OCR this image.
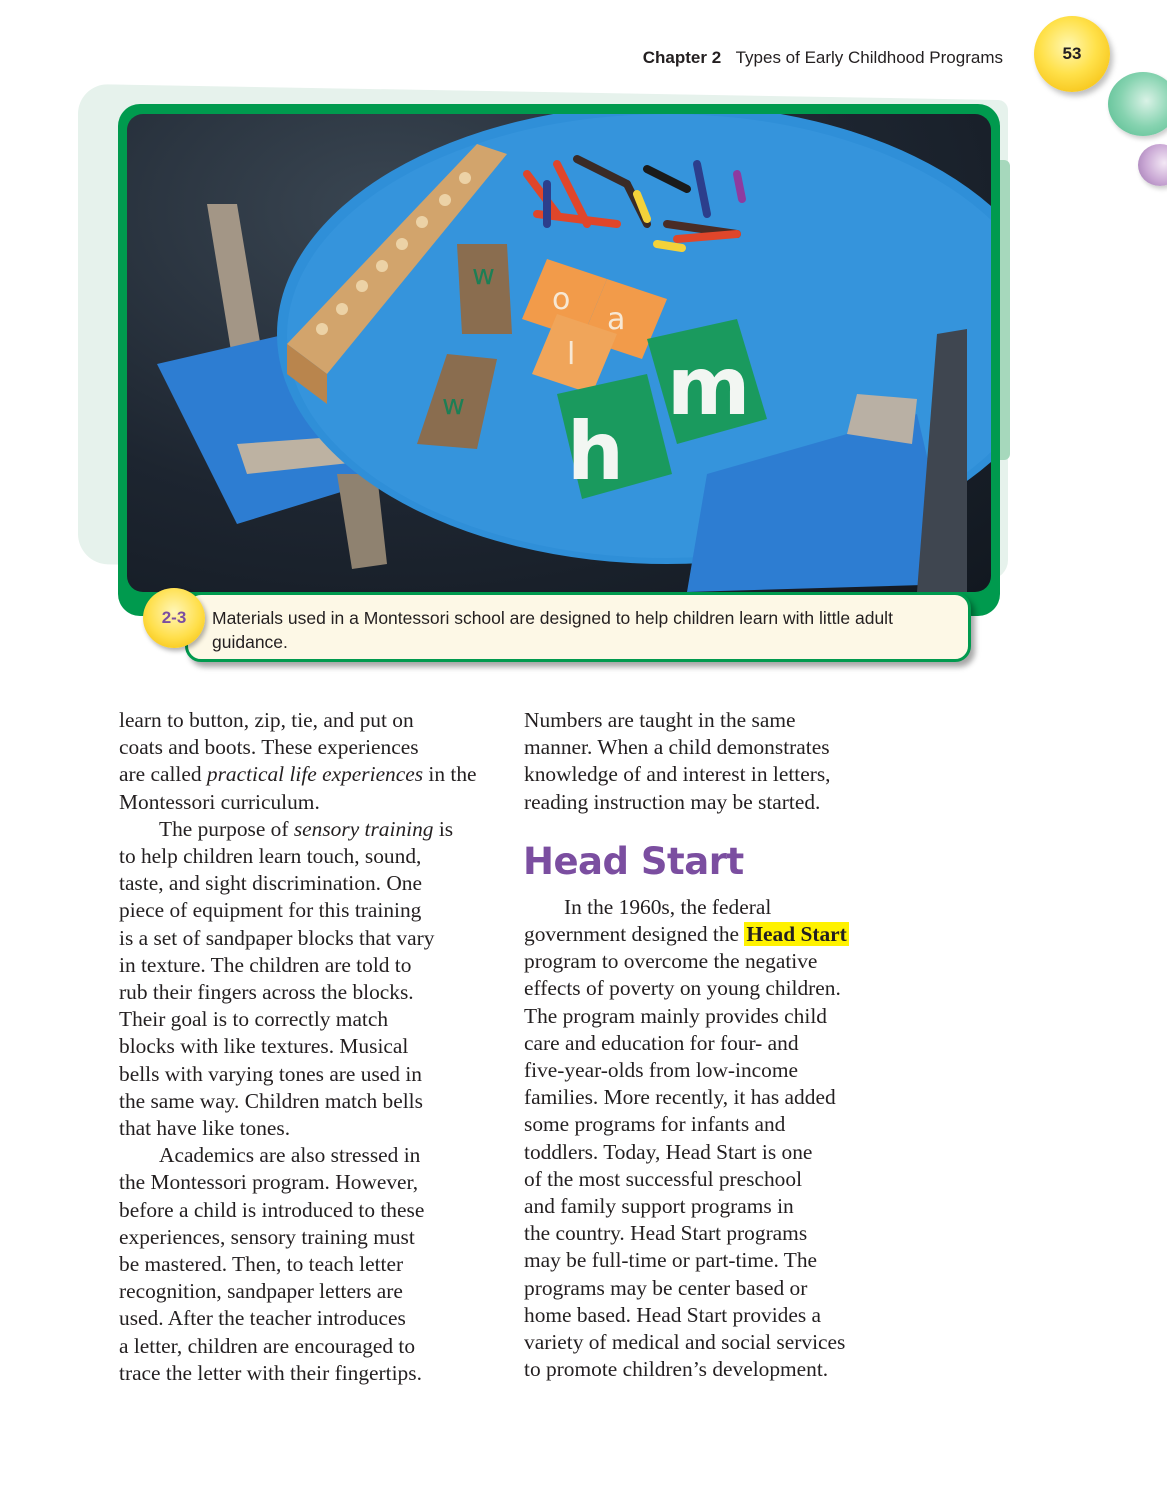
Chapter 2 Types of Early Childhood Programs	53
w
w
o
a
l m
h
Materials used in a Montessori school are designed to help children learn with little adult guidance.
2-3

learn to button, zip, tie, and put on
coats and boots. These experiences
are called practical life experiences in the
Montessori curriculum.

The purpose of sensory training is
to help children learn touch, sound,
taste, and sight discrimination. One
piece of equipment for this training
is a set of sandpaper blocks that vary
in texture. The children are told to
rub their fingers across the blocks.
Their goal is to correctly match
blocks with like textures. Musical
bells with varying tones are used in
the same way. Children match bells
that have like tones.

Academics are also stressed in
the Montessori program. However,
before a child is introduced to these
experiences, sensory training must
be mastered. Then, to teach letter
recognition, sandpaper letters are
used. After the teacher introduces
a letter, children are encouraged to
trace the letter with their fingertips.

Numbers are taught in the same
manner. When a child demonstrates
knowledge of and interest in letters,
reading instruction may be started.

Head Start

In the 1960s, the federal
government designed the Head Start
program to overcome the negative
effects of poverty on young children.
The program mainly provides child
care and education for four- and
five-year-olds from low-income
families. More recently, it has added
some programs for infants and
toddlers. Today, Head Start is one
of the most successful preschool
and family support programs in
the country. Head Start programs
may be full-time or part-time. The
programs may be center based or
home based. Head Start provides a
variety of medical and social services
to promote children’s development.
